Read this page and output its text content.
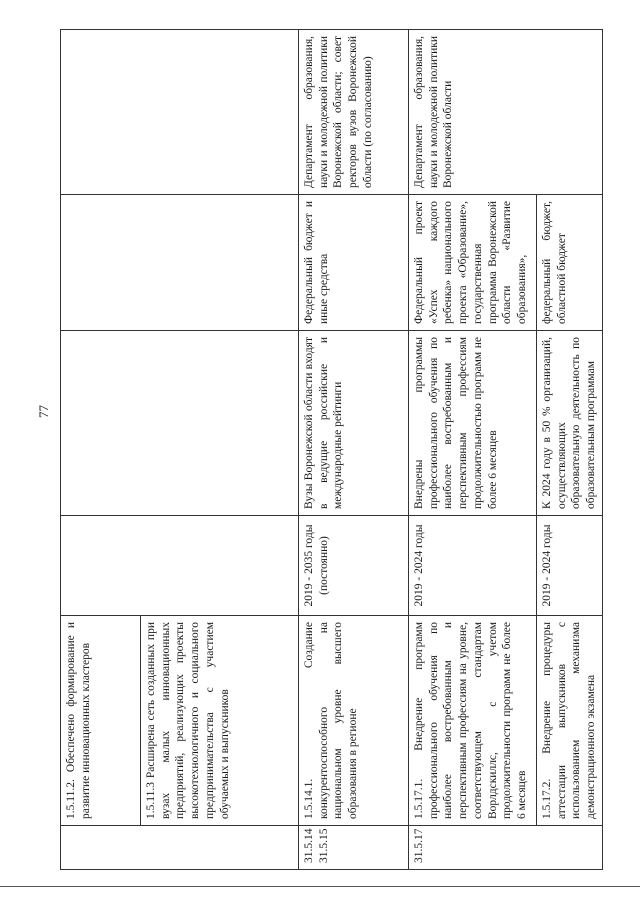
77
	1.5.11.2. Обеспечено формирование и развитие инновационных кластеров				
	1.5.11.3 Расширена сеть созданных при вузах малых инновационных предприятий, реализующих проекты высокотехнологичного и социального предпринимательства с участием обучаемых и выпускников				
31.5.14 31.5.15	1.5.14.1. Создание конкурентоспособного на национальном уровне высшего образования в регионе	2019 - 2035 годы (постоянно)	Вузы Воронежской области входят в ведущие российские и международные рейтинги	Федеральный бюджет и иные средства	Департамент образования, науки и молодежной политики Воронежской области; совет ректоров вузов Воронежской области (по согласованию)
31.5.17	1.5.17.1. Внедрение программ профессионального обучения по наиболее востребованным и перспективным профессиям на уровне, соответствующем стандартам Ворлдскиллс, с учетом продолжительности программ не более 6 месяцев	2019 - 2024 годы	Внедрены программы профессионального обучения по наиболее востребованным и перспективным профессиям продолжительностью программ не более 6 месяцев	Федеральный проект «Успех каждого ребенка» национального проекта «Образование», государственная программа Воронежской области «Развитие образования»,	Департамент образования, науки и молодежной политики Воронежской области
	1.5.17.2. Внедрение процедуры аттестации выпускников с использованием механизма демонстрационного экзамена	2019 - 2024 годы	К 2024 году в 50 % организаций, осуществляющих образовательную деятельность по образовательным программам	федеральный бюджет, областной бюджет	
